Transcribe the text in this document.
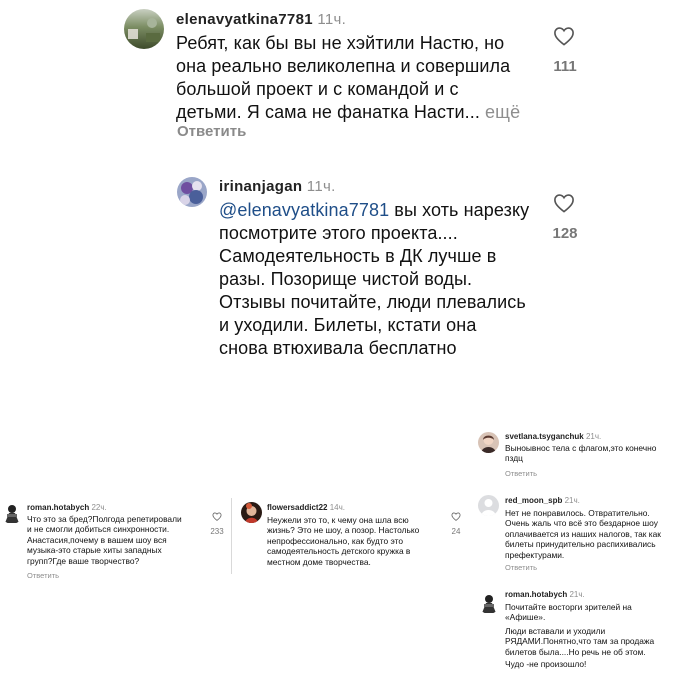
elenavyatkina7781 11ч.
Ребят, как бы вы не хэйтили Настю, но
она реально великолепна и совершила
большой проект и с командой и с
детьми. Я сама не фанатка Насти... ещё
Ответить
111
irinanjagan 11ч.
@elenavyatkina7781 вы хоть нарезку
посмотрите этого проекта....
Самодеятельность в ДК лучше в
разы. Позорище чистой воды.
Отзывы почитайте, люди плевались
и уходили. Билеты, кстати она
снова втюхивала бесплатно
128
svetlana.tsyganchuk 21ч.
Выноывнос тела с флагом,это конечно
пздц
Ответить
roman.hotabych 22ч.
Что это за бред?Полгода репетировали
и не смогли добиться синхронности.
Анастасия,почему в вашем шоу вся
музыка-это старые хиты западных
групп?Где ваше творчество?
Ответить
233
flowersaddict22 14ч.
Неужели это то, к чему она шла всю
жизнь? Это не шоу, а позор. Настолько
непрофессионально, как будто это
самодеятельность детского кружка в
местном доме творчества.
24
red_moon_spb 21ч.
Нет не понравилось. Отвратительно.
Очень жаль что всё это бездарное шоу
оплачивается из наших налогов, так как
билеты принудительно распихивались
префектурами.
Ответить
roman.hotabych 21ч.
Почитайте восторги зрителей на
«Афише».
Люди вставали и уходили
РЯДАМИ.Понятно,что там за продажа
билетов была....Но речь не об этом.
Чудо -не произошло!
